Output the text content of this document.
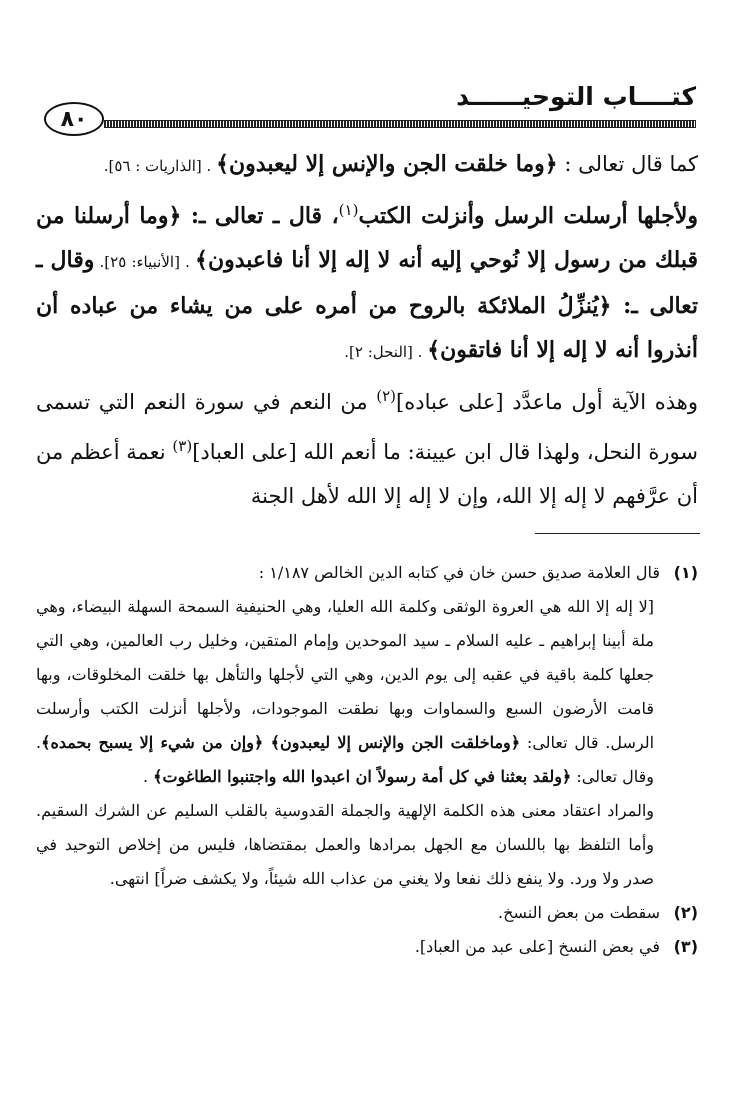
كتــــاب التوحيــــــد
٨٠

كما قال تعالى : ﴿وما خلقت الجن والإنس إلا ليعبدون﴾ . [الذاريات : ٥٦].

ولأجلها أرسلت الرسل وأنزلت الكتب$^{(١)}$، قال ـ تعالى ـ: ﴿وما أرسلنا من قبلك من رسول إلا نُوحي إليه أنه لا إله إلا أنا فاعبدون﴾ . [الأنبياء: ٢٥]. وقال ـ تعالى ـ: ﴿يُنزِّلُ الملائكة بالروح من أمره على من يشاء من عباده أن أنذروا أنه لا إله إلا أنا فاتقون﴾ . [النحل: ٢].

وهذه الآية أول ماعدَّد [على عباده]$^{(٢)}$ من النعم في سورة النعم التي تسمى سورة النحل، ولهذا قال ابن عيينة: ما أنعم الله [على العباد]$^{(٣)}$ نعمة أعظم من أن عرَّفهم لا إله إلا الله، وإن لا إله إلا الله لأهل الجنة

(١)قال العلامة صديق حسن خان في كتابه الدين الخالص ١/١٨٧ :

[لا إله إلا الله هي العروة الوثقى وكلمة الله العليا، وهي الحنيفية السمحة السهلة البيضاء، وهي ملة أبينا إبراهيم ـ عليه السلام ـ سيد الموحدين وإمام المتقين، وخليل رب العالمين، وهي التي جعلها كلمة باقية في عقبه إلى يوم الدين، وهي التي لأجلها والتأهل بها خلقت المخلوقات، وبها قامت الأرضون السبع والسماوات وبها نطقت الموجودات، ولأجلها أنزلت الكتب وأرسلت الرسل. قال تعالى: ﴿وماخلقت الجن والإنس إلا ليعبدون﴾ ﴿وإن من شيء إلا يسبح بحمده﴾. وقال تعالى: ﴿ولقد بعثنا في كل أمة رسولاً ان اعبدوا الله واجتنبوا الطاغوت﴾ .

والمراد اعتقاد معنى هذه الكلمة الإلهية والجملة القدوسية بالقلب السليم عن الشرك السقيم. وأما التلفظ بها باللسان مع الجهل بمرادها والعمل بمقتضاها، فليس من إخلاص التوحيد في صدر ولا ورد. ولا ينفع ذلك نفعا ولا يغني من عذاب الله شيئاً، ولا يكشف ضراً] انتهى.

(٢)سقطت من بعض النسخ.

(٣)في بعض النسخ [على عبد من العباد].
